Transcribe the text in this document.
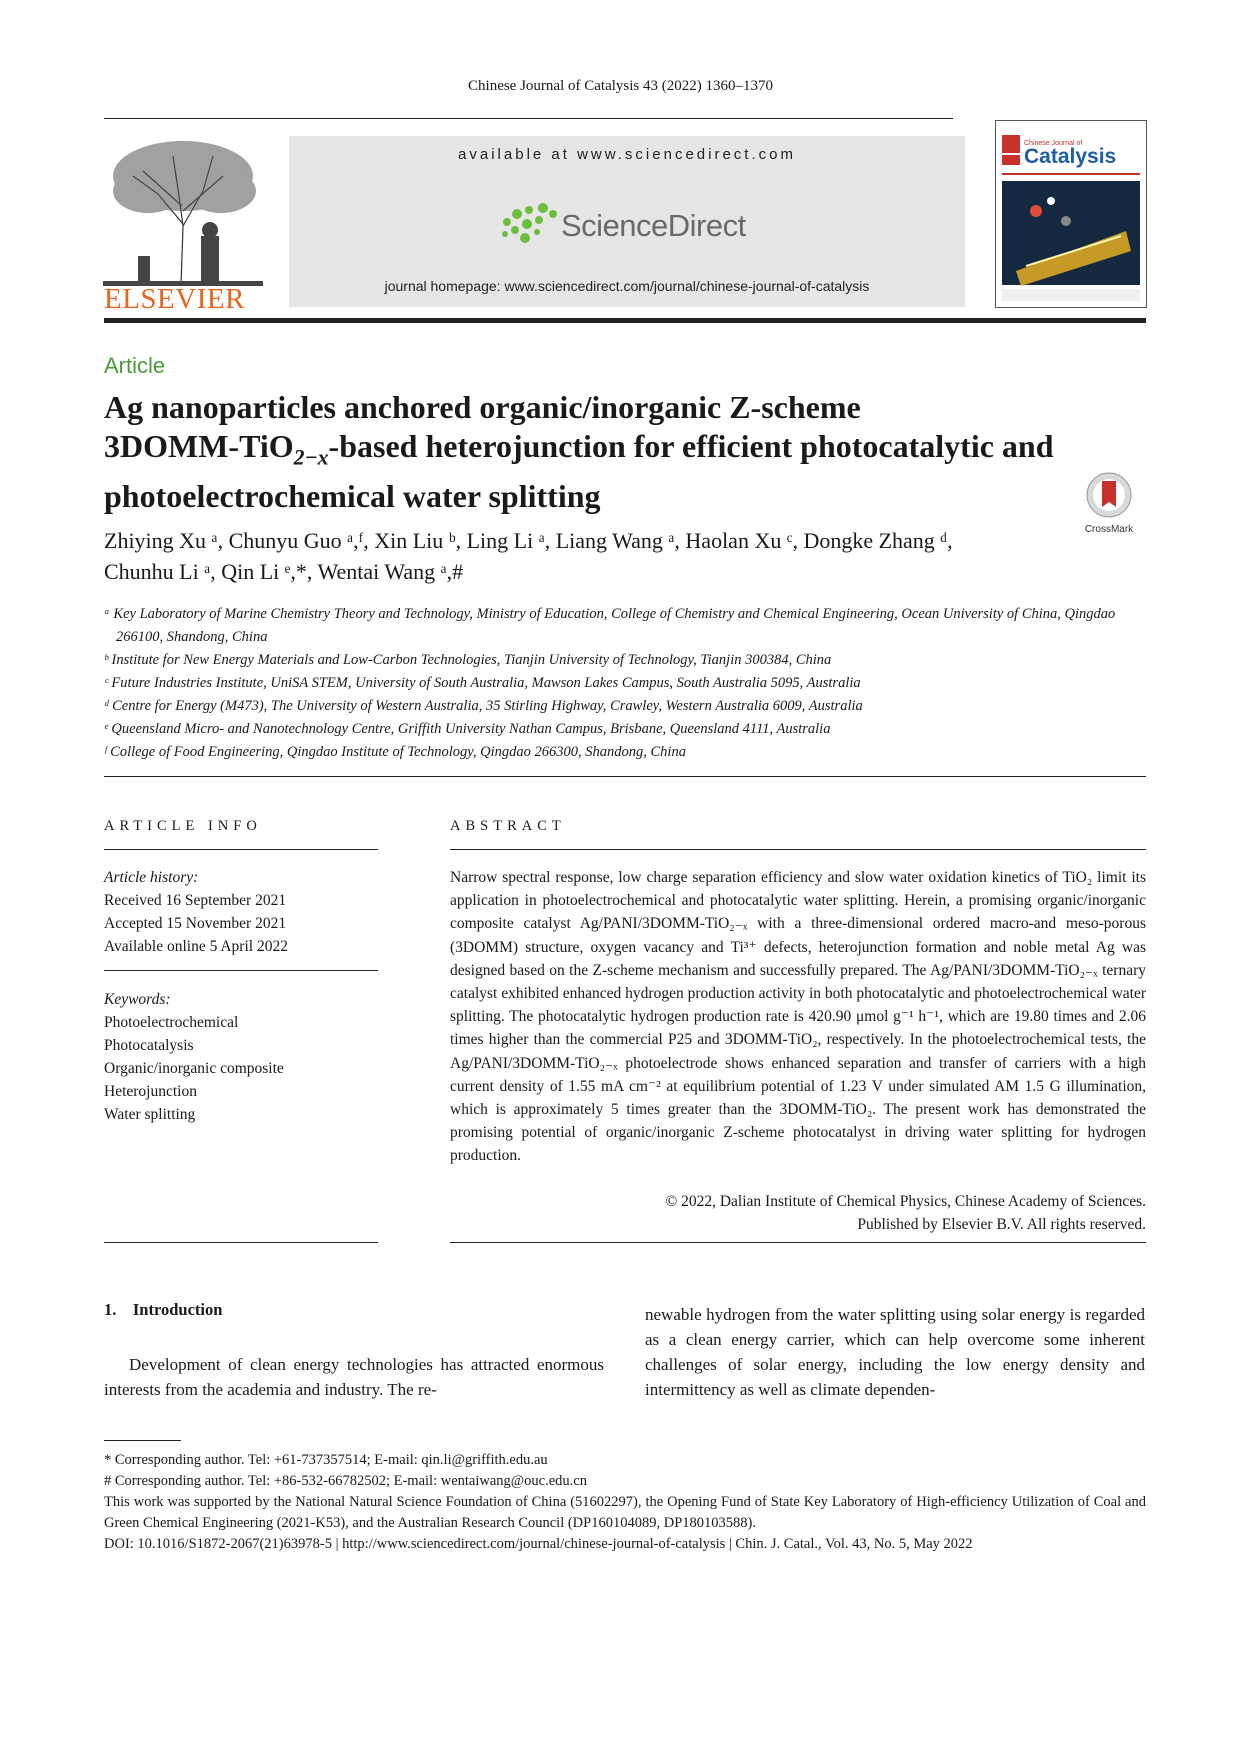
Chinese Journal of Catalysis 43 (2022) 1360–1370
ELSEVIER
available at www.sciencedirect.com
ScienceDirect
journal homepage: www.sciencedirect.com/journal/chinese-journal-of-catalysis
Chinese Journal of
Catalysis
Article
Ag nanoparticles anchored organic/inorganic Z-scheme
3DOMM-TiO$_{2-x}$-based heterojunction for efficient photocatalytic and
photoelectrochemical water splitting
CrossMark
Zhiying Xu ᵃ, Chunyu Guo ᵃ,ᶠ, Xin Liu ᵇ, Ling Li ᵃ, Liang Wang ᵃ, Haolan Xu ᶜ, Dongke Zhang ᵈ,
Chunhu Li ᵃ, Qin Li ᵉ,*, Wentai Wang ᵃ,#

ᵃ Key Laboratory of Marine Chemistry Theory and Technology, Ministry of Education, College of Chemistry and Chemical Engineering, Ocean University of China, Qingdao 266100, Shandong, China

ᵇ Institute for New Energy Materials and Low-Carbon Technologies, Tianjin University of Technology, Tianjin 300384, China

ᶜ Future Industries Institute, UniSA STEM, University of South Australia, Mawson Lakes Campus, South Australia 5095, Australia

ᵈ Centre for Energy (M473), The University of Western Australia, 35 Stirling Highway, Crawley, Western Australia 6009, Australia

ᵉ Queensland Micro- and Nanotechnology Centre, Griffith University Nathan Campus, Brisbane, Queensland 4111, Australia

ᶠ College of Food Engineering, Qingdao Institute of Technology, Qingdao 266300, Shandong, China

ARTICLE INFO
Article history:
Received 16 September 2021
Accepted 15 November 2021
Available online 5 April 2022
Keywords:
Photoelectrochemical
Photocatalysis
Organic/inorganic composite
Heterojunction
Water splitting
ABSTRACT
Narrow spectral response, low charge separation efficiency and slow water oxidation kinetics of TiO₂ limit its application in photoelectrochemical and photocatalytic water splitting. Herein, a promising organic/inorganic composite catalyst Ag/PANI/3DOMM-TiO₂₋ₓ with a three-dimensional ordered macro-and meso-porous (3DOMM) structure, oxygen vacancy and Ti³⁺ defects, heterojunction formation and noble metal Ag was designed based on the Z-scheme mechanism and successfully prepared. The Ag/PANI/3DOMM-TiO₂₋ₓ ternary catalyst exhibited enhanced hydrogen production activity in both photocatalytic and photoelectrochemical water splitting. The photocatalytic hydrogen production rate is 420.90 μmol g⁻¹ h⁻¹, which are 19.80 times and 2.06 times higher than the commercial P25 and 3DOMM-TiO₂, respectively. In the photoelectrochemical tests, the Ag/PANI/3DOMM-TiO₂₋ₓ photoelectrode shows enhanced separation and transfer of carriers with a high current density of 1.55 mA cm⁻² at equilibrium potential of 1.23 V under simulated AM 1.5 G illumination, which is approximately 5 times greater than the 3DOMM-TiO₂. The present work has demonstrated the promising potential of organic/inorganic Z-scheme photocatalyst in driving water splitting for hydrogen production.
© 2022, Dalian Institute of Chemical Physics, Chinese Academy of Sciences.
Published by Elsevier B.V. All rights reserved.
1.    Introduction
Development of clean energy technologies has attracted enormous interests from the academia and industry. The re-
newable hydrogen from the water splitting using solar energy is regarded as a clean energy carrier, which can help overcome some inherent challenges of solar energy, including the low energy density and intermittency as well as climate dependen-

* Corresponding author. Tel: +61-737357514; E-mail: qin.li@griffith.edu.au

# Corresponding author. Tel: +86-532-66782502; E-mail: wentaiwang@ouc.edu.cn

This work was supported by the National Natural Science Foundation of China (51602297), the Opening Fund of State Key Laboratory of High-efficiency Utilization of Coal and Green Chemical Engineering (2021-K53), and the Australian Research Council (DP160104089, DP180103588).

DOI: 10.1016/S1872-2067(21)63978-5 | http://www.sciencedirect.com/journal/chinese-journal-of-catalysis | Chin. J. Catal., Vol. 43, No. 5, May 2022
